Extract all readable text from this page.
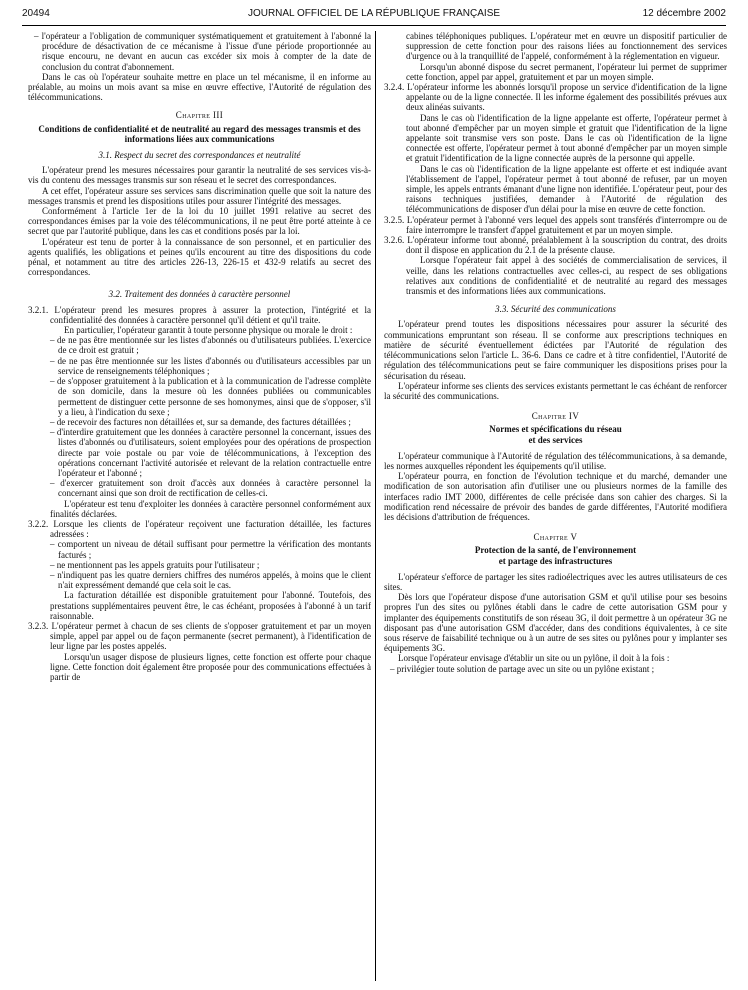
20494	JOURNAL OFFICIEL DE LA RÉPUBLIQUE FRANÇAISE	12 décembre 2002

– l'opérateur a l'obligation de communiquer systématiquement et gratuitement à l'abonné la procédure de désactivation de ce mécanisme à l'issue d'une période proportionnée au risque encouru, ne devant en aucun cas excéder six mois à compter de la date de conclusion du contrat d'abonnement.

Dans le cas où l'opérateur souhaite mettre en place un tel mécanisme, il en informe au préalable, au moins un mois avant sa mise en œuvre effective, l'Autorité de régulation des télécommunications.

Chapitre III

Conditions de confidentialité et de neutralité au regard des messages transmis et des informations liées aux communications

3.1. Respect du secret des correspondances et neutralité

L'opérateur prend les mesures nécessaires pour garantir la neutralité de ses services vis-à-vis du contenu des messages transmis sur son réseau et le secret des correspondances.

A cet effet, l'opérateur assure ses services sans discrimination quelle que soit la nature des messages transmis et prend les dispositions utiles pour assurer l'intégrité des messages.

Conformément à l'article 1er de la loi du 10 juillet 1991 relative au secret des correspondances émises par la voie des télécommunications, il ne peut être porté atteinte à ce secret que par l'autorité publique, dans les cas et conditions posés par la loi.

L'opérateur est tenu de porter à la connaissance de son personnel, et en particulier des agents qualifiés, les obligations et peines qu'ils encourent au titre des dispositions du code pénal, et notamment au titre des articles 226-13, 226-15 et 432-9 relatifs au secret des correspondances.

3.2. Traitement des données à caractère personnel

3.2.1. L'opérateur prend les mesures propres à assurer la protection, l'intégrité et la confidentialité des données à caractère personnel qu'il détient et qu'il traite.

En particulier, l'opérateur garantit à toute personne physique ou morale le droit :

– de ne pas être mentionnée sur les listes d'abonnés ou d'utilisateurs publiées. L'exercice de ce droit est gratuit ;

– de ne pas être mentionnée sur les listes d'abonnés ou d'utilisateurs accessibles par un service de renseignements téléphoniques ;

– de s'opposer gratuitement à la publication et à la communication de l'adresse complète de son domicile, dans la mesure où les données publiées ou communicables permettent de distinguer cette personne de ses homonymes, ainsi que de s'opposer, s'il y a lieu, à l'indication du sexe ;

– de recevoir des factures non détaillées et, sur sa demande, des factures détaillées ;

– d'interdire gratuitement que les données à caractère personnel la concernant, issues des listes d'abonnés ou d'utilisateurs, soient employées pour des opérations de prospection directe par voie postale ou par voie de télécommunications, à l'exception des opérations concernant l'activité autorisée et relevant de la relation contractuelle entre l'opérateur et l'abonné ;

– d'exercer gratuitement son droit d'accès aux données à caractère personnel la concernant ainsi que son droit de rectification de celles-ci.

L'opérateur est tenu d'exploiter les données à caractère personnel conformément aux finalités déclarées.

3.2.2. Lorsque les clients de l'opérateur reçoivent une facturation détaillée, les factures adressées :

– comportent un niveau de détail suffisant pour permettre la vérification des montants facturés ;

– ne mentionnent pas les appels gratuits pour l'utilisateur ;

– n'indiquent pas les quatre derniers chiffres des numéros appelés, à moins que le client n'ait expressément demandé que cela soit le cas.

La facturation détaillée est disponible gratuitement pour l'abonné. Toutefois, des prestations supplémentaires peuvent être, le cas échéant, proposées à l'abonné à un tarif raisonnable.

3.2.3. L'opérateur permet à chacun de ses clients de s'opposer gratuitement et par un moyen simple, appel par appel ou de façon permanente (secret permanent), à l'identification de leur ligne par les postes appelés.

Lorsqu'un usager dispose de plusieurs lignes, cette fonction est offerte pour chaque ligne. Cette fonction doit également être proposée pour des communications effectuées à partir de

cabines téléphoniques publiques. L'opérateur met en œuvre un dispositif particulier de suppression de cette fonction pour des raisons liées au fonctionnement des services d'urgence ou à la tranquillité de l'appelé, conformément à la réglementation en vigueur.

Lorsqu'un abonné dispose du secret permanent, l'opérateur lui permet de supprimer cette fonction, appel par appel, gratuitement et par un moyen simple.

3.2.4. L'opérateur informe les abonnés lorsqu'il propose un service d'identification de la ligne appelante ou de la ligne connectée. Il les informe également des possibilités prévues aux deux alinéas suivants.

Dans le cas où l'identification de la ligne appelante est offerte, l'opérateur permet à tout abonné d'empêcher par un moyen simple et gratuit que l'identification de la ligne appelante soit transmise vers son poste. Dans le cas où l'identification de la ligne connectée est offerte, l'opérateur permet à tout abonné d'empêcher par un moyen simple et gratuit l'identification de la ligne connectée auprès de la personne qui appelle.

Dans le cas où l'identification de la ligne appelante est offerte et est indiquée avant l'établissement de l'appel, l'opérateur permet à tout abonné de refuser, par un moyen simple, les appels entrants émanant d'une ligne non identifiée. L'opérateur peut, pour des raisons techniques justifiées, demander à l'Autorité de régulation des télécommunications de disposer d'un délai pour la mise en œuvre de cette fonction.

3.2.5. L'opérateur permet à l'abonné vers lequel des appels sont transférés d'interrompre ou de faire interrompre le transfert d'appel gratuitement et par un moyen simple.

3.2.6. L'opérateur informe tout abonné, préalablement à la souscription du contrat, des droits dont il dispose en application du 2.1 de la présente clause.

Lorsque l'opérateur fait appel à des sociétés de commercialisation de services, il veille, dans les relations contractuelles avec celles-ci, au respect de ses obligations relatives aux conditions de confidentialité et de neutralité au regard des messages transmis et des informations liées aux communications.

3.3. Sécurité des communications

L'opérateur prend toutes les dispositions nécessaires pour assurer la sécurité des communications empruntant son réseau. Il se conforme aux prescriptions techniques en matière de sécurité éventuellement édictées par l'Autorité de régulation des télécommunications selon l'article L. 36-6. Dans ce cadre et à titre confidentiel, l'Autorité de régulation des télécommunications peut se faire communiquer les dispositions prises pour la sécurisation du réseau.

L'opérateur informe ses clients des services existants permettant le cas échéant de renforcer la sécurité des communications.

Chapitre IV

Normes et spécifications du réseau

et des services

L'opérateur communique à l'Autorité de régulation des télécommunications, à sa demande, les normes auxquelles répondent les équipements qu'il utilise.

L'opérateur pourra, en fonction de l'évolution technique et du marché, demander une modification de son autorisation afin d'utiliser une ou plusieurs normes de la famille des interfaces radio IMT 2000, différentes de celle précisée dans son cahier des charges. Si la modification rend nécessaire de prévoir des bandes de garde différentes, l'Autorité modifiera les décisions d'attribution de fréquences.

Chapitre V

Protection de la santé, de l'environnement

et partage des infrastructures

L'opérateur s'efforce de partager les sites radioélectriques avec les autres utilisateurs de ces sites.

Dès lors que l'opérateur dispose d'une autorisation GSM et qu'il utilise pour ses besoins propres l'un des sites ou pylônes établi dans le cadre de cette autorisation GSM pour y implanter des équipements constitutifs de son réseau 3G, il doit permettre à un opérateur 3G ne disposant pas d'une autorisation GSM d'accéder, dans des conditions équivalentes, à ce site sous réserve de faisabilité technique ou à un autre de ses sites ou pylônes pour y implanter ses équipements 3G.

Lorsque l'opérateur envisage d'établir un site ou un pylône, il doit à la fois :

– privilégier toute solution de partage avec un site ou un pylône existant ;
